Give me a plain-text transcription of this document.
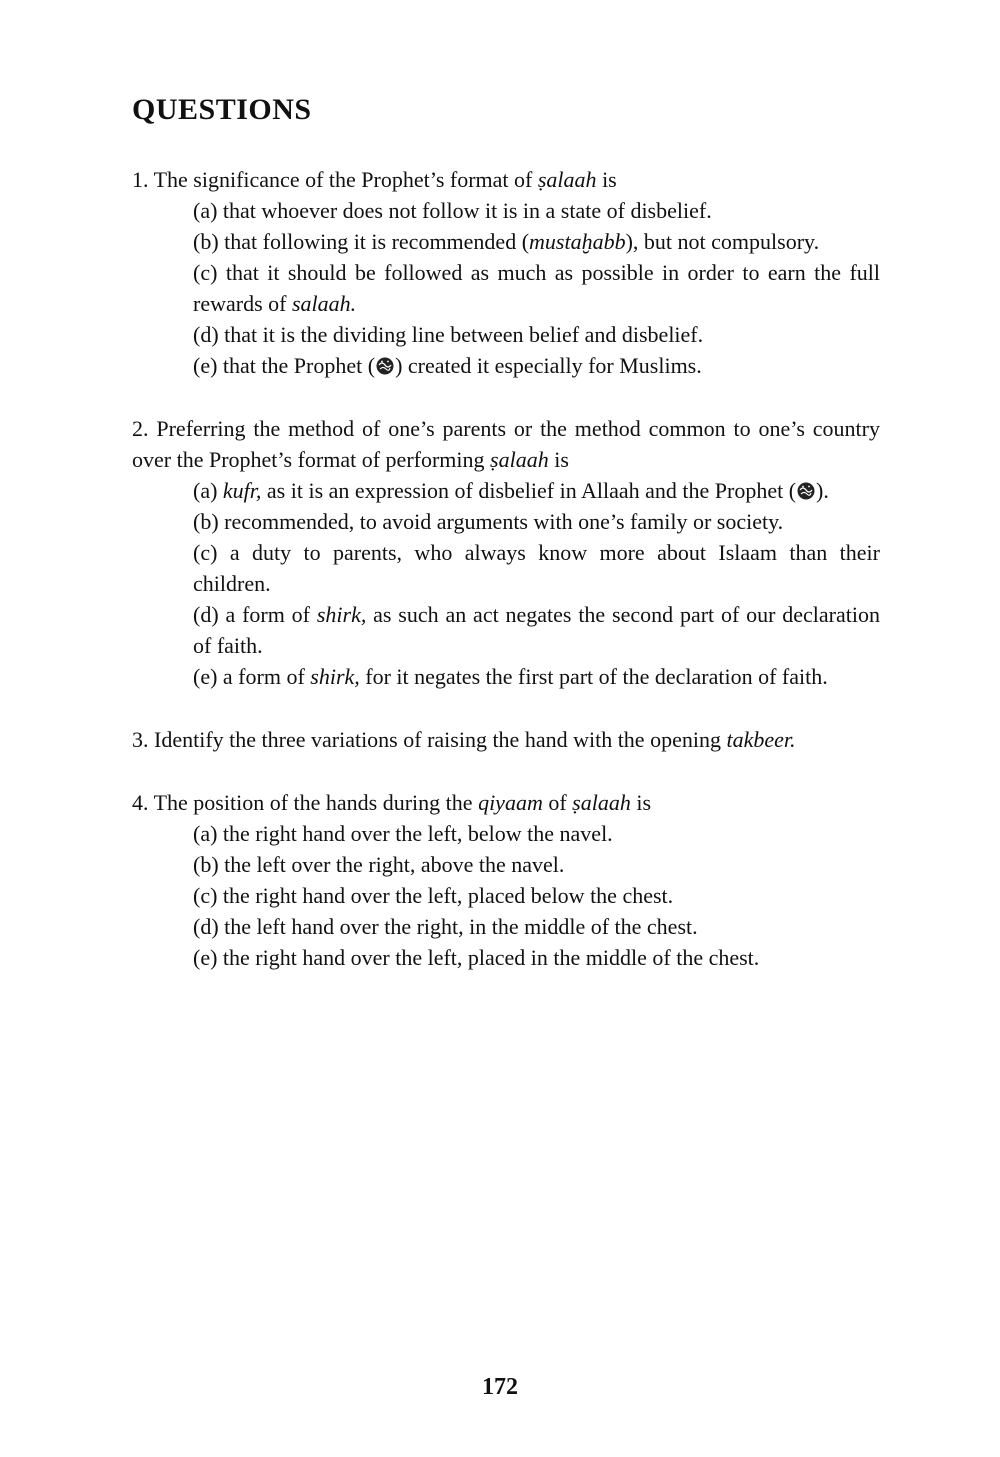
QUESTIONS

1. The significance of the Prophet’s format of ṣalaah is

(a) that whoever does not follow it is in a state of disbelief.
(b) that following it is recommended (mustaḫabb), but not compulsory.
(c) that it should be followed as much as possible in order to earn the full rewards of salaah.
(d) that it is the dividing line between belief and disbelief.
(e) that the Prophet ( ) created it especially for Muslims.

2. Preferring the method of one’s parents or the method common to one’s country over the Prophet’s format of performing ṣalaah is

(a) kufr, as it is an expression of disbelief in Allaah and the Prophet ( ).
(b) recommended, to avoid arguments with one’s family or society.
(c) a duty to parents, who always know more about Islaam than their children.
(d) a form of shirk, as such an act negates the second part of our declaration of faith.
(e) a form of shirk, for it negates the first part of the declaration of faith.

3. Identify the three variations of raising the hand with the opening takbeer.

4. The position of the hands during the qiyaam of ṣalaah is

(a) the right hand over the left, below the navel.
(b) the left over the right, above the navel.
(c) the right hand over the left, placed below the chest.
(d) the left hand over the right, in the middle of the chest.
(e) the right hand over the left, placed in the middle of the chest.
172
